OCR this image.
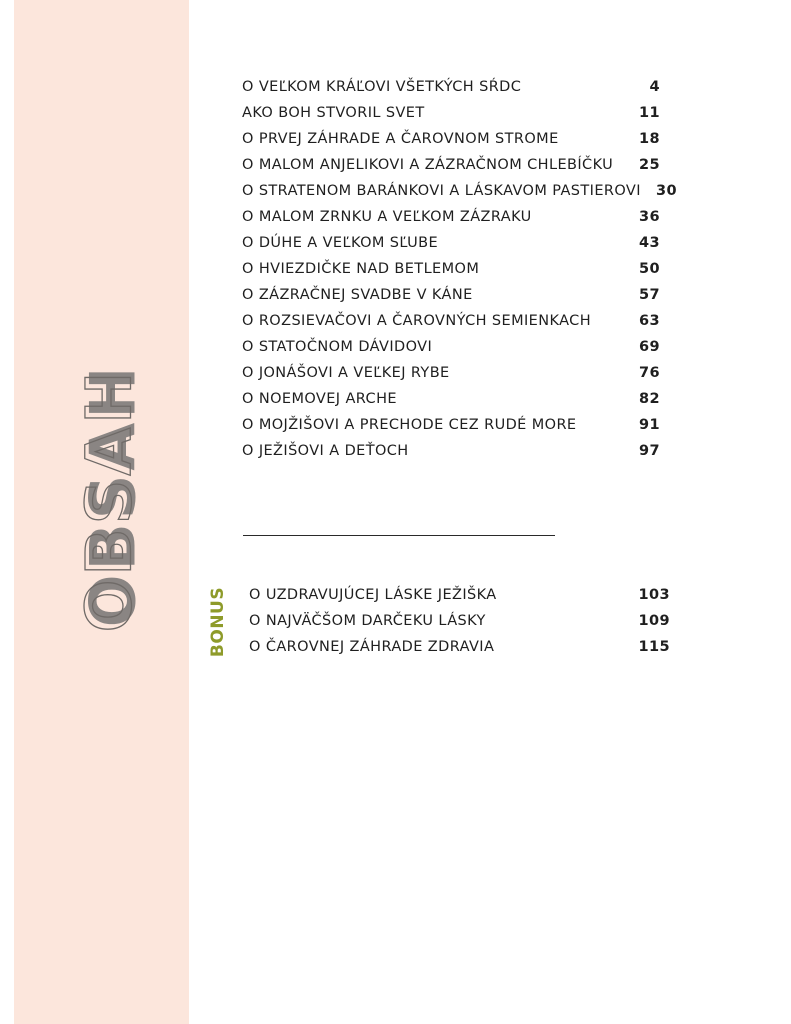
OBSAH
O VEĽKOM KRÁĽOVI VŠETKÝCH SŔDC	4
AKO BOH STVORIL SVET	11
O PRVEJ ZÁHRADE A ČAROVNOM STROME	18
O MALOM ANJELIKOVI A ZÁZRAČNOM CHLEBÍČKU	25
O STRATENOM BARÁNKOVI A LÁSKAVOM PASTIEROVI	30
O MALOM ZRNKU A VEĽKOM ZÁZRAKU	36
O DÚHE A VEĽKOM SĽUBE	43
O HVIEZDIČKE NAD BETLEMOM	50
O ZÁZRAČNEJ SVADBE V KÁNE	57
O ROZSIEVAČOVI A ČAROVNÝCH SEMIENKACH	63
O STATOČNOM DÁVIDOVI	69
O JONÁŠOVI A VEĽKEJ RYBE	76
O NOEMOVEJ ARCHE	82
O MOJŽIŠOVI A PRECHODE CEZ RUDÉ MORE	91
O JEŽIŠOVI A DEŤOCH	97
BONUS O UZDRAVUJÚCEJ LÁSKE JEŽIŠKA	103
O NAJVÄČŠOM DARČEKU LÁSKY	109
O ČAROVNEJ ZÁHRADE ZDRAVIA	115
